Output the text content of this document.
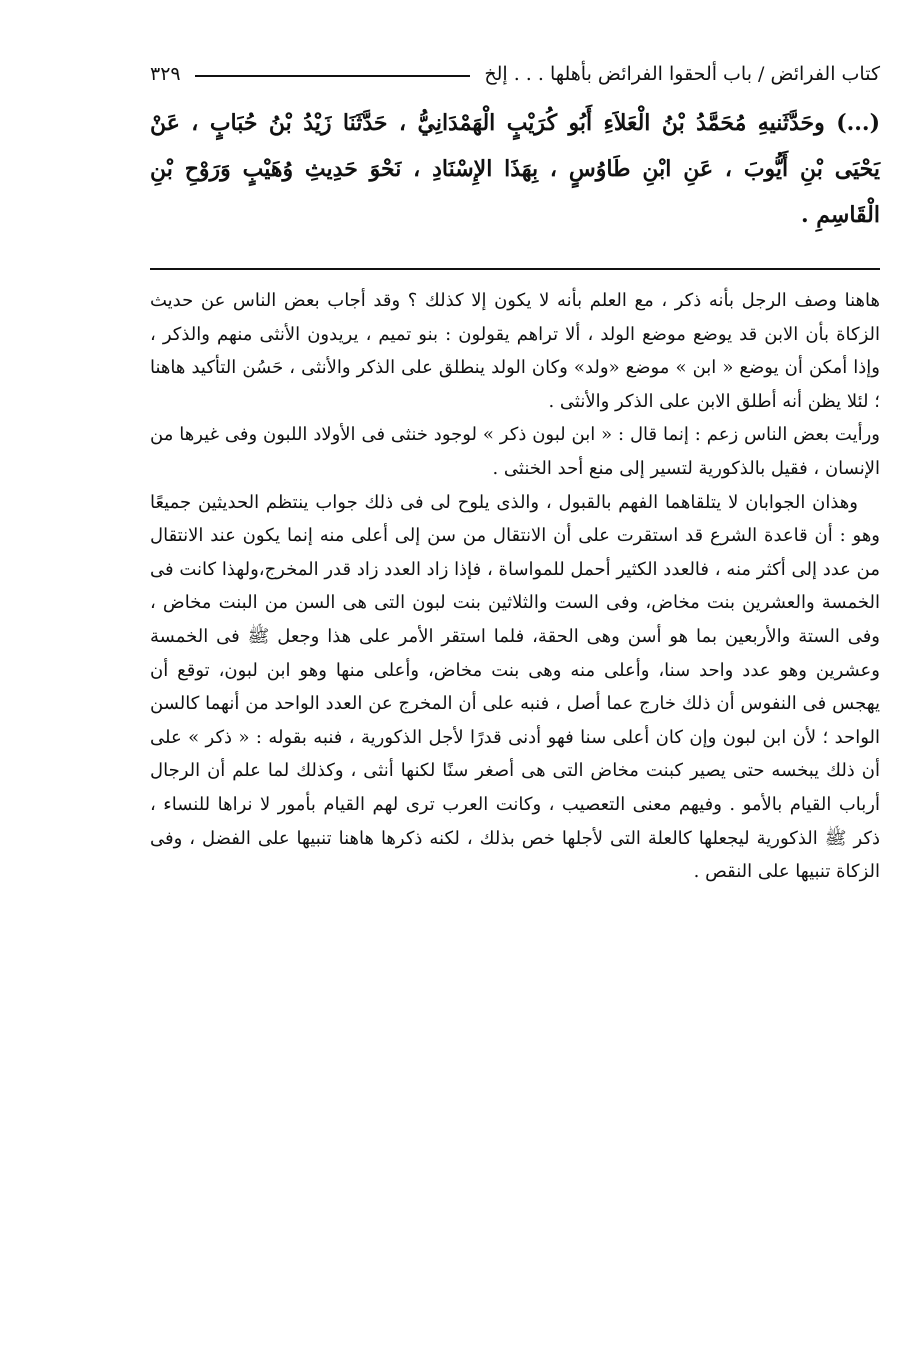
كتاب الفرائض / باب ألحقوا الفرائض بأهلها . . . إلخ
٣٢٩
(...) وحَدَّثَنيهِ مُحَمَّدُ بْنُ الْعَلاَءِ أَبُو كُرَيْبٍ الْهَمْدَانِيُّ ، حَدَّثَنَا زَيْدُ بْنُ حُبَابٍ ، عَنْ يَحْيَى بْنِ أَيُّوبَ ، عَنِ ابْنِ طَاوُسٍ ، بِهَذَا الإِسْنَادِ ، نَحْوَ حَدِيثِ وُهَيْبٍ وَرَوْحِ بْنِ الْقَاسِمِ .

هاهنا وصف الرجل بأنه ذكر ، مع العلم بأنه لا يكون إلا كذلك ؟ وقد أجاب بعض الناس عن حديث الزكاة بأن الابن قد يوضع موضع الولد ، ألا تراهم يقولون : بنو تميم ، يريدون الأنثى منهم والذكر ، وإذا أمكن أن يوضع « ابن » موضع «ولد» وكان الولد ينطلق على الذكر والأنثى ، حَسُن التأكيد هاهنا ؛ لئلا يظن أنه أطلق الابن على الذكر والأنثى .

ورأيت بعض الناس زعم : إنما قال : « ابن لبون ذكر » لوجود خنثى فى الأولاد اللبون وفى غيرها من الإنسان ، فقيل بالذكورية لتسير إلى منع أحد الخنثى .

وهذان الجوابان لا يتلقاهما الفهم بالقبول ، والذى يلوح لى فى ذلك جواب ينتظم الحديثين جميعًا وهو : أن قاعدة الشرع قد استقرت على أن الانتقال من سن إلى أعلى منه إنما يكون عند الانتقال من عدد إلى أكثر منه ، فالعدد الكثير أحمل للمواساة ، فإذا زاد العدد زاد قدر المخرج،ولهذا كانت فى الخمسة والعشرين بنت مخاض، وفى الست والثلاثين بنت لبون التى هى السن من البنت مخاض ، وفى الستة والأربعين بما هو أسن وهى الحقة، فلما استقر الأمر على هذا وجعل ﷺ فى الخمسة وعشرين وهو عدد واحد سنا، وأعلى منه وهى بنت مخاض، وأعلى منها وهو ابن لبون، توقع أن يهجس فى النفوس أن ذلك خارج عما أصل ، فنبه على أن المخرج عن العدد الواحد من أنهما كالسن الواحد ؛ لأن ابن لبون وإن كان أعلى سنا فهو أدنى قدرًا لأجل الذكورية ، فنبه بقوله : « ذكر » على أن ذلك يبخسه حتى يصير كبنت مخاض التى هى أصغر سنًا لكنها أنثى ، وكذلك لما علم أن الرجال أرباب القيام بالأمو . وفيهم معنى التعصيب ، وكانت العرب ترى لهم القيام بأمور لا نراها للنساء ، ذكر ﷺ الذكورية ليجعلها كالعلة التى لأجلها خص بذلك ، لكنه ذكرها هاهنا تنبيها على الفضل ، وفى الزكاة تنبيها على النقص .
